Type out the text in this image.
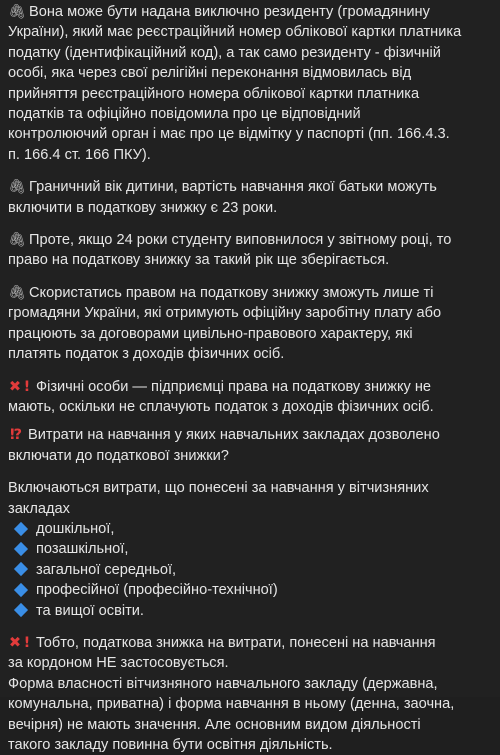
🖇 Вона може бути надана виключно резиденту (громадянину
України), який має реєстраційний номер облікової картки платника
податку (ідентифікаційний код), а так само резиденту - фізичній
особі, яка через свої релігійні переконання відмовилась від
прийняття реєстраційного номера облікової картки платника
податків та офіційно повідомила про це відповідний
контролюючий орган і має про це відмітку у паспорті (пп. 166.4.3.
п. 166.4 ст. 166 ПКУ).
🖇 Граничний вік дитини, вартість навчання якої батьки можуть
включити в податкову знижку є 23 роки.
🖇 Проте, якщо 24 роки студенту виповнилося у звітному році, то
право на податкову знижку за такий рік ще зберігається.
🖇 Скористатись правом на податкову знижку зможуть лише ті
громадяни України, які отримують офіційну заробітну плату або
працюють за договорами цивільно-правового характеру, які
платять податок з доходів фізичних осіб.
✖ ! Фізичні особи — підприємці права на податкову знижку не
мають, оскільки не сплачують податок з доходів фізичних осіб.
⁉ Витрати на навчання у яких навчальних закладах дозволено
включати до податкової знижки?
Включаються витрати, що понесені за навчання у вітчизняних
закладах
дошкільної,
позашкільної,
загальної середньої,
професійної (професійно-технічної)
та вищої освіти.
✖ ! Тобто, податкова знижка на витрати, понесені на навчання
за кордоном НЕ застосовується.
Форма власності вітчизняного навчального закладу (державна,
комунальна, приватна) і форма навчання в ньому (денна, заочна,
вечірня) не мають значення. Але основним видом діяльності
такого закладу повинна бути освітня діяльність.
